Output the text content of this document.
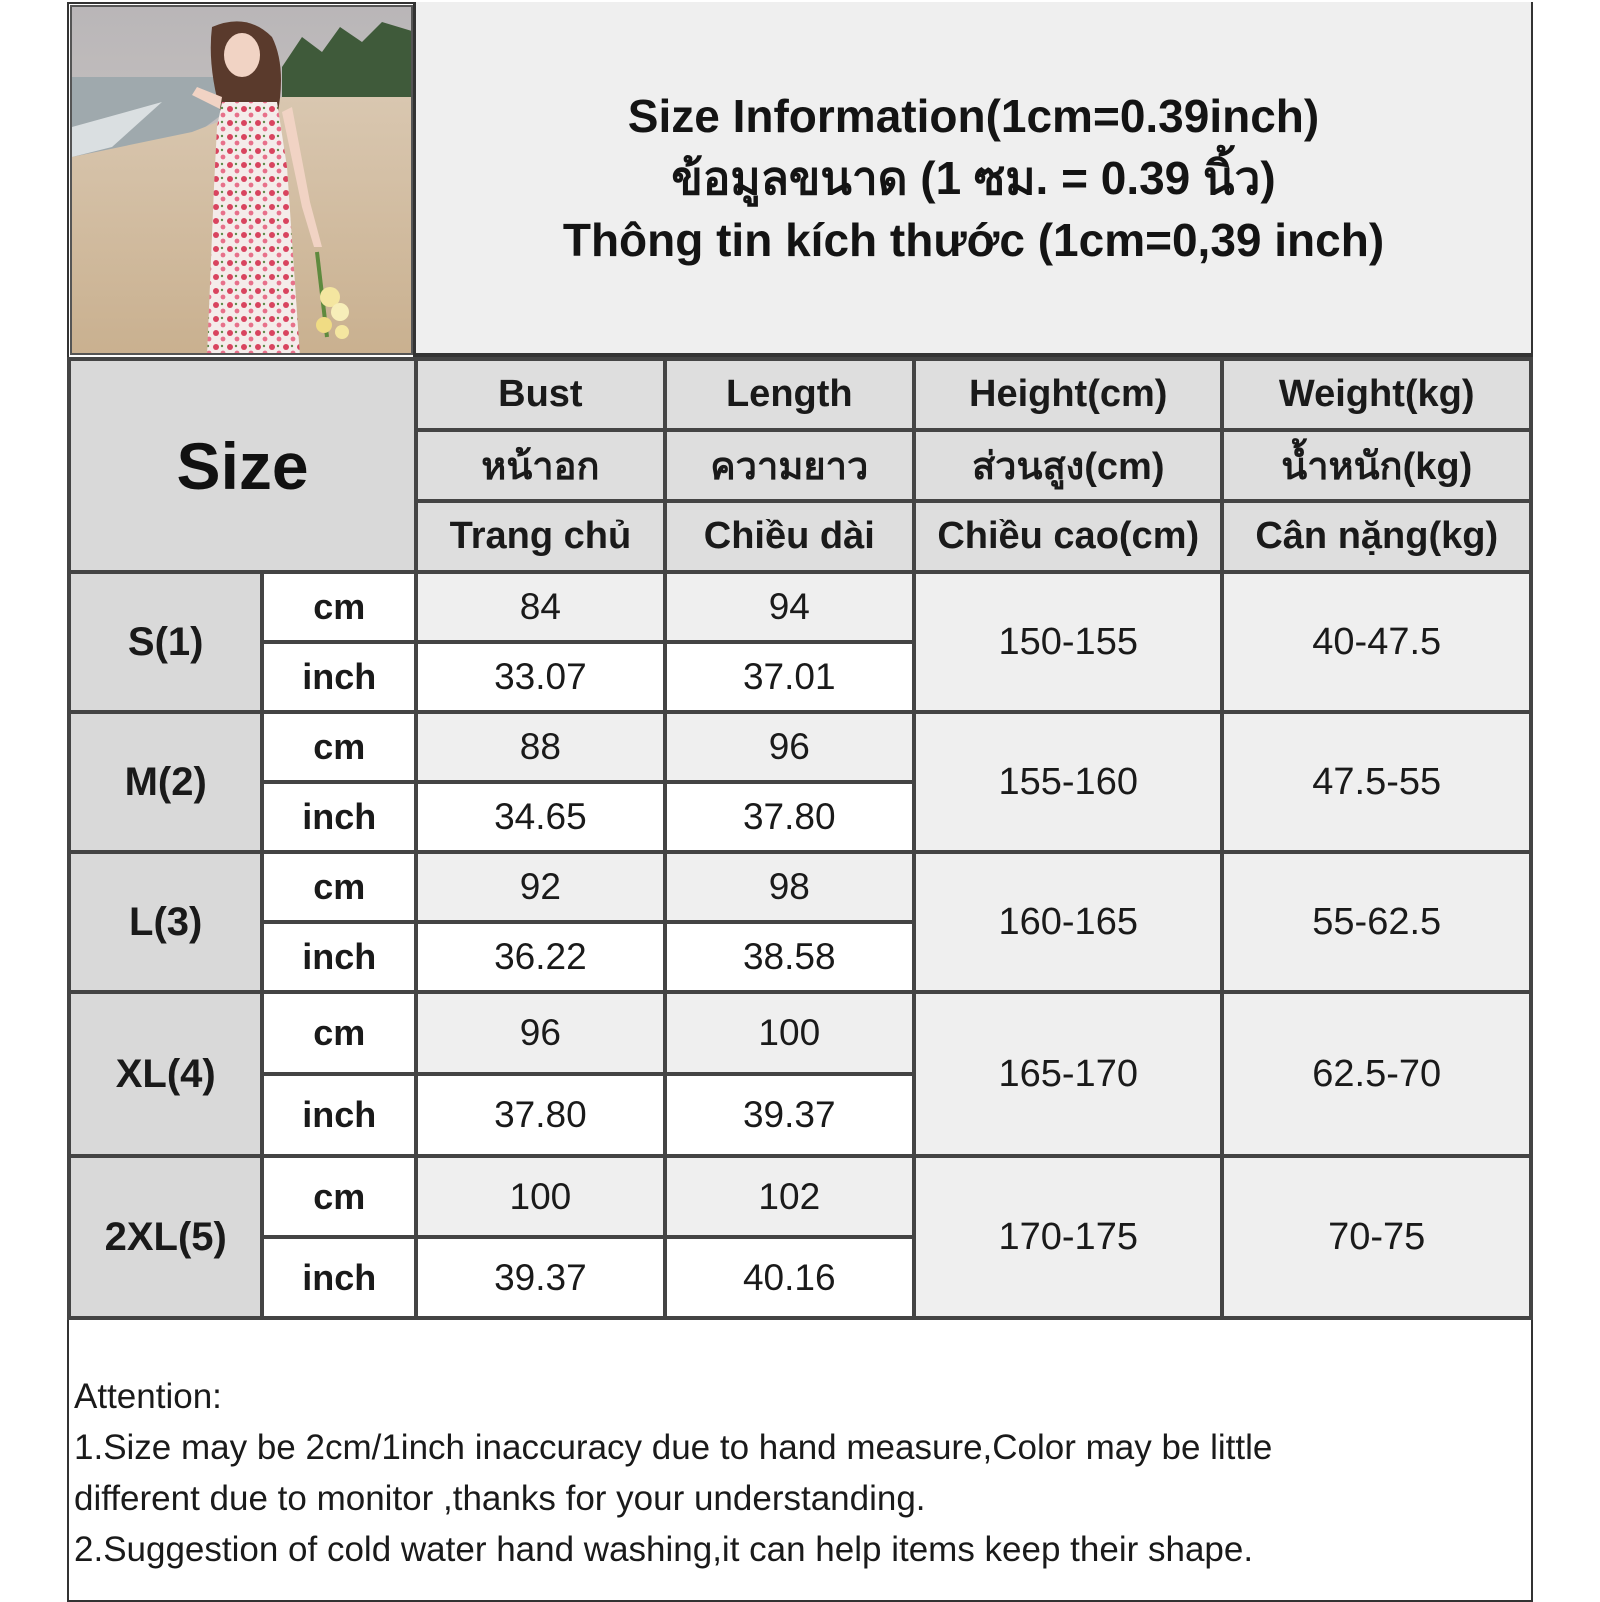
Size Information(1cm=0.39inch)
ข้อมูลขนาด (1 ซม. = 0.39 นิ้ว)
Thông tin kích thước (1cm=0,39 inch)
Size		Bust	Length	Height(cm)	Weight(kg)
		หน้าอก	ความยาว	ส่วนสูง(cm)	น้ำหนัก(kg)
		Trang chủ	Chiều dài	Chiều cao(cm)	Cân nặng(kg)
S(1)	cm	84	94	150-155	40-47.5
	inch	33.07	37.01		
M(2)	cm	88	96	155-160	47.5-55
	inch	34.65	37.80		
L(3)	cm	92	98	160-165	55-62.5
	inch	36.22	38.58		
XL(4)	cm	96	100	165-170	62.5-70
	inch	37.80	39.37		
2XL(5)	cm	100	102	170-175	70-75
	inch	39.37	40.16		
Attention:
1.Size may be 2cm/1inch inaccuracy due to hand measure,Color may be little
different due to monitor ,thanks for your understanding.
2.Suggestion of cold water hand washing,it can help items keep their shape.
